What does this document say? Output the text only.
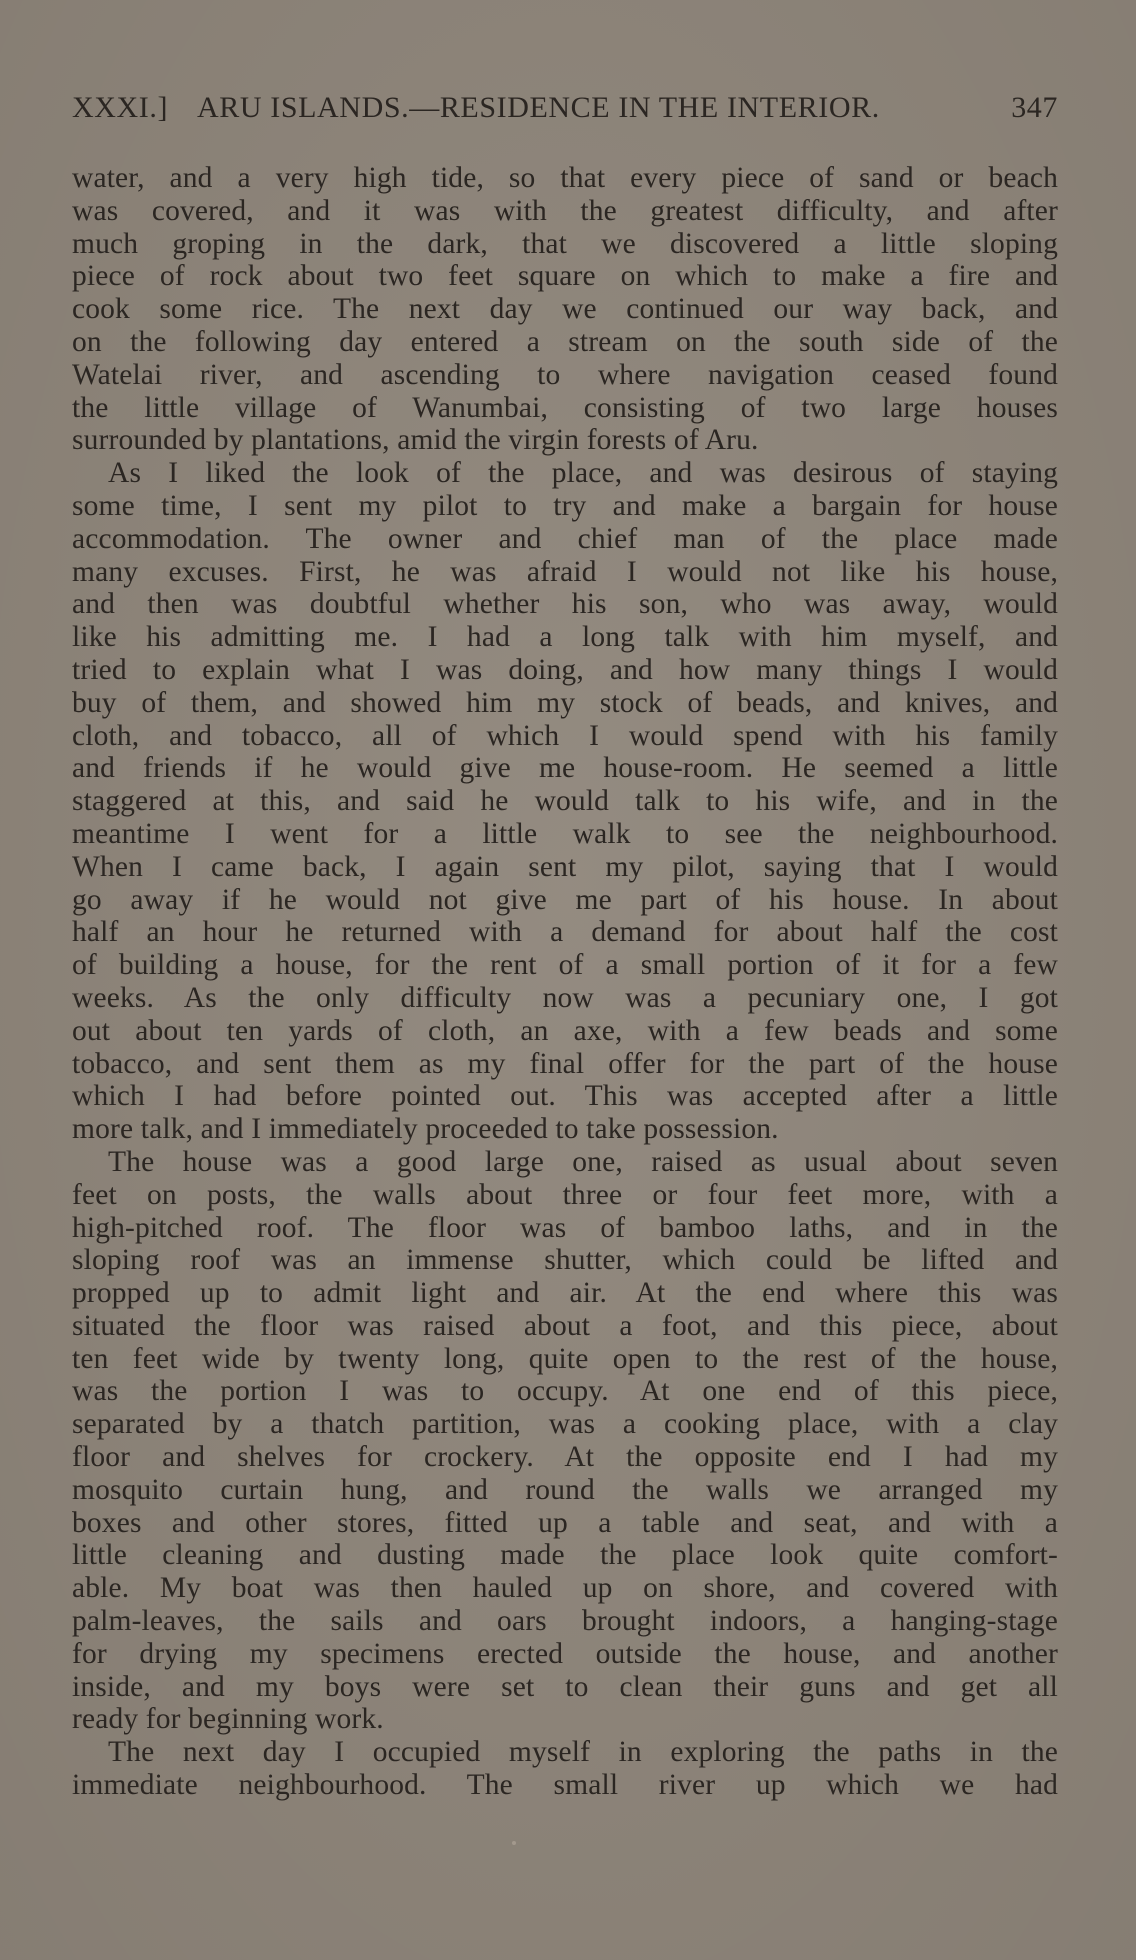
XXXI.] ARU ISLANDS.—RESIDENCE IN THE INTERIOR.	347
water, and a very high tide, so that every piece of sand or beach
was covered, and it was with the greatest difficulty, and after
much groping in the dark, that we discovered a little sloping
piece of rock about two feet square on which to make a fire and
cook some rice. The next day we continued our way back, and
on the following day entered a stream on the south side of the
Watelai river, and ascending to where navigation ceased found
the little village of Wanumbai, consisting of two large houses
surrounded by plantations, amid the virgin forests of Aru.
As I liked the look of the place, and was desirous of staying
some time, I sent my pilot to try and make a bargain for house
accommodation. The owner and chief man of the place made
many excuses. First, he was afraid I would not like his house,
and then was doubtful whether his son, who was away, would
like his admitting me. I had a long talk with him myself, and
tried to explain what I was doing, and how many things I would
buy of them, and showed him my stock of beads, and knives, and
cloth, and tobacco, all of which I would spend with his family
and friends if he would give me house-room. He seemed a little
staggered at this, and said he would talk to his wife, and in the
meantime I went for a little walk to see the neighbourhood.
When I came back, I again sent my pilot, saying that I would
go away if he would not give me part of his house. In about
half an hour he returned with a demand for about half the cost
of building a house, for the rent of a small portion of it for a few
weeks. As the only difficulty now was a pecuniary one, I got
out about ten yards of cloth, an axe, with a few beads and some
tobacco, and sent them as my final offer for the part of the house
which I had before pointed out. This was accepted after a little
more talk, and I immediately proceeded to take possession.
The house was a good large one, raised as usual about seven
feet on posts, the walls about three or four feet more, with a
high-pitched roof. The floor was of bamboo laths, and in the
sloping roof was an immense shutter, which could be lifted and
propped up to admit light and air. At the end where this was
situated the floor was raised about a foot, and this piece, about
ten feet wide by twenty long, quite open to the rest of the house,
was the portion I was to occupy. At one end of this piece,
separated by a thatch partition, was a cooking place, with a clay
floor and shelves for crockery. At the opposite end I had my
mosquito curtain hung, and round the walls we arranged my
boxes and other stores, fitted up a table and seat, and with a
little cleaning and dusting made the place look quite comfort-
able. My boat was then hauled up on shore, and covered with
palm-leaves, the sails and oars brought indoors, a hanging-stage
for drying my specimens erected outside the house, and another
inside, and my boys were set to clean their guns and get all
ready for beginning work.
The next day I occupied myself in exploring the paths in the
immediate neighbourhood. The small river up which we had
